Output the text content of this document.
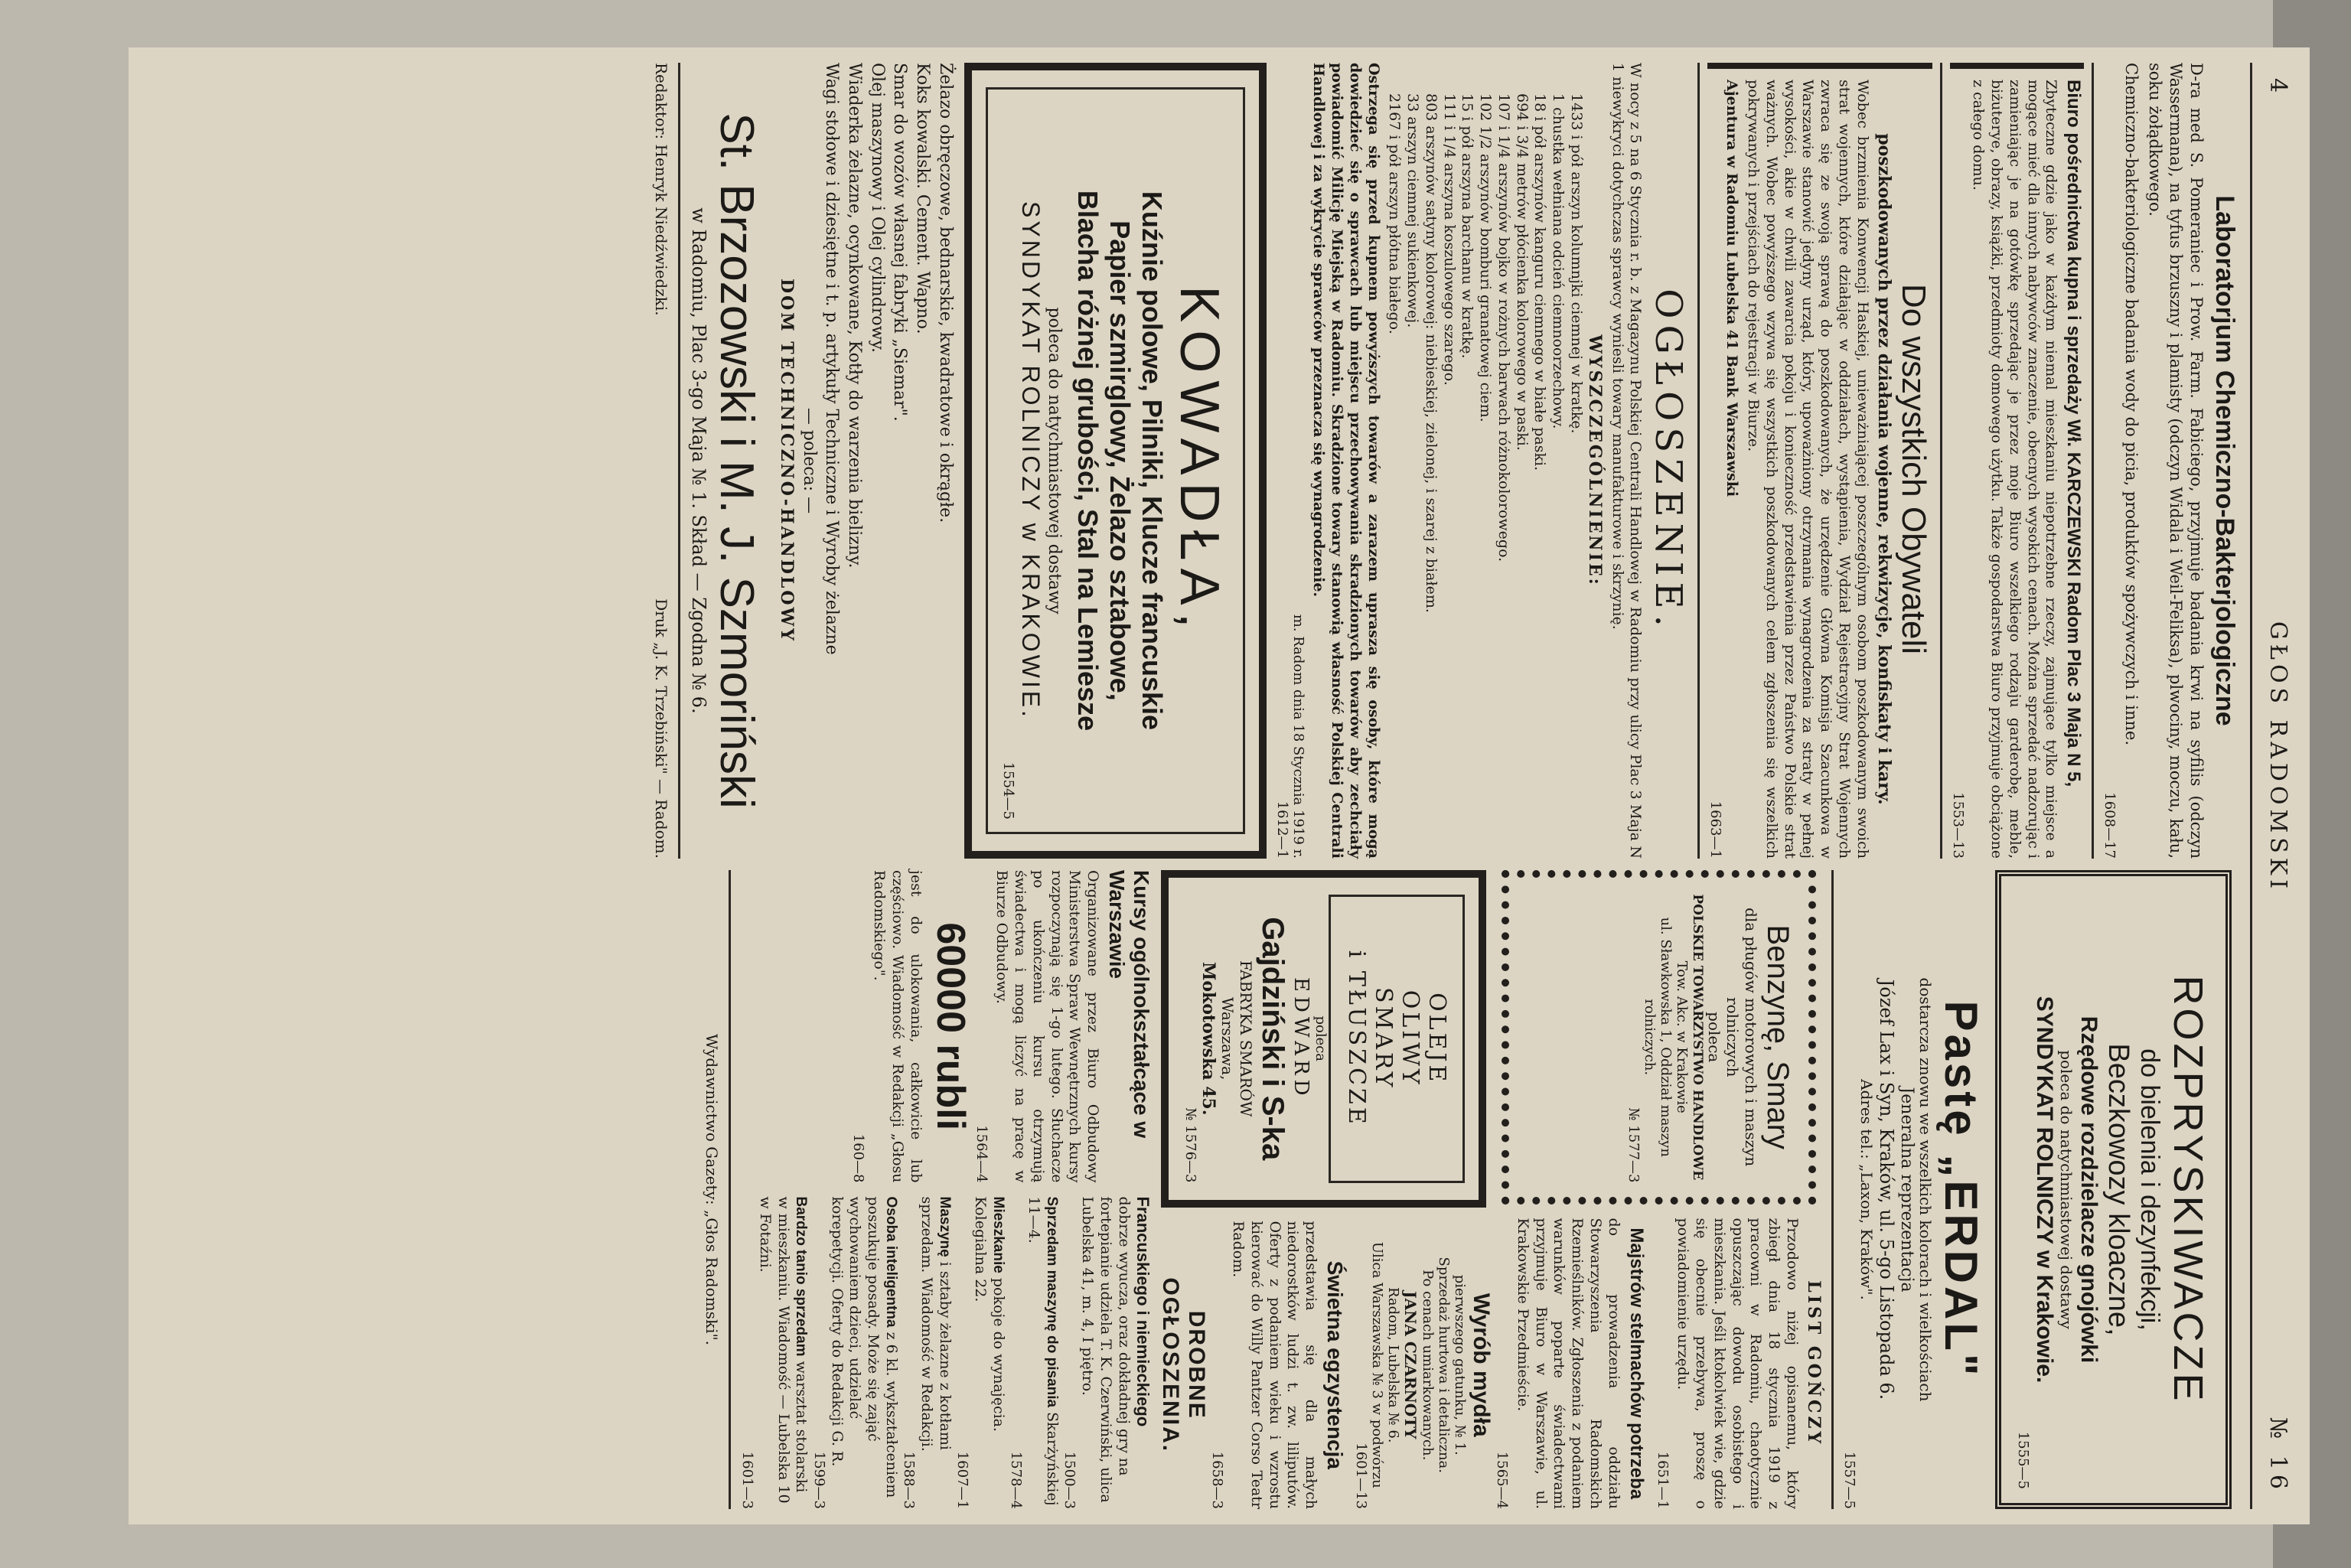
4
GŁOS RADOMSKI
№ 16
Laboratorjum Chemiczno-Bakterjologiczne
D-ra med S. Pomeraniec i Prow. Farm. Fabiciego, przyjmuje badania krwi na syfilis (odczyn Wassermana), na tyfus brzuszny i plamisty (odczyn Widala i Weil-Feliksa), plwociny, moczu, kału, soku żołądkowego.
Chemiczno-bakteriologiczne badania wody do picia, produktów spożywczych i inne.
1608—17
Biuro pośrednictwa kupna i sprzedaży Wł. KARCZEWSKI Radom Plac 3 Maja N 5,
Zbyteczne gdzie jako w każdym niemal mieszkaniu niepotrzebne rzeczy, zajmujące tylko miejsce a mogące mieć dla innych nabywców znaczenie, obecnych wysokich cenach. Można sprzedać nadzorując i zamieniając je na gotówkę sprzedając je przez moje Biuro wszelkiego rodzaju garderobę, meble, biżuterye, obrazy, książki, przedmioty domowego użytku. Także gospodarstwa Biuro przyjmuje obciążone z całego domu.
1553—13
Do wszystkich Obywateli
poszkodowanych przez działania wojenne, rekwizycje, konfiskaty i kary.
Wobec brzmienia Konwencji Haskiej, unieważniającej poszczególnym osobom poszkodowanym swoich strat wojennych, które działając w oddziałach, wystąpienia, Wydział Rejestracyjny Strat Wojennych zwraca się ze swoją sprawą do poszkodowanych, że urzędzenie Główna Komisja Szacunkowa w Warszawie stanowić jedyny urząd, który, upoważniony otrzymania wynagrodzenia za straty w pełnej wysokości, akie w chwili zawarcia pokoju i konieczność przedstawienia przez Państwo Polskie strat ważnych. Wobec powyższego wzywa się wszystkich poszkodowanych celem zgłoszenia się wszelkich pokrywanych i przejściach do rejestracji w Biurze.
Ajentura w Radomiu Lubelska 41 Bank Warszawski
1663—1
OGŁOSZENIE.
W nocy z 5 na 6 Stycznia r. b. z Magazynu Polskiej Centrali Handlowej w Radomiu przy ulicy Plac 3 Maja N 1 niewykryci dotychczas sprawcy wyniesli towary manufakturowe i skrzynię.
WYSZCZEGÓLNIENIE:
1433 i pół arszyn kolumnjki ciemnej w kratkę.
1 chustka wełniana odcień ciemnoorzechowy.
18 i pół arszynów kanguru ciemnego w białe paski.
694 i 3/4 metrów płócienka kolorowego w paski.
107 i 1/4 arszynów bojko w rożnych barwach różnokolorowego.
102 1/2 arszynów bomburi granatowej ciem.
15 i pół arszyna barchanu w kratkę.
111 i 1/4 arszyna koszulowego szarego.
803 arszynów satyny kolorowej: niebieskiej, zielonej, i szarej z białem.
33 arszyn ciemnej sukienkowej.
2167 i pół arszyn płótna białego.
Ostrzega się przed kupnem powyższych towarów a zarazem uprasza się osoby, które mogą dowiedzieć się o sprawcach lub miejscu przechowywania skradzionych towarów aby zechciały powiadomić Milicję Miejską w Radomiu. Skradzione towary stanowią własność Polskiej Centrali Handlowej i za wykrycie sprawców przeznacza się wynagrodzenie.
m. Radom dnia 18 Stycznia 1919 r.
1612—1
KOWADŁA,
Kuźnie polowe, Pilniki, Klucze francuskie
Papier szmirglowy, Żelazo sztabowe,
Blacha różnej grubości, Stal na Lemiesze
poleca do natychmiastowej dostawy
SYNDYKAT ROLNICZY w KRAKOWIE.
1554—5
Żelazo obręczowe, bednarskie, kwadratowe i okrągłe.
Koks kowalski. Cement. Wapno.
Smar do wozów własnej fabryki „Siemar".
Olej maszynowy i Olej cylindrowy.
Wiaderka żelazne, ocynkowane, Kotły do warzenia bielizny.
Wagi stołowe i dziesiętne i t. p. artykuły Techniczne i Wyroby żelazne
— poleca: —
DOM TECHNICZNO-HANDLOWY
St. Brzozowski i M. J. Szmoriński
w Radomiu, Plac 3-go Maja № 1. Skład — Zgodna № 6.
Redaktor: Henryk Niedźwiedzki.
Druk „J. K. Trzebiński" — Radom.
ROZPRYSKIWACZE
do bielenia i dezynfekcji,
Beczkowozy kloaczne,
Rzędowe rozdzielacze gnojówki
poleca do natychmiastowej dostawy
SYNDYKAT ROLNICZY w Krakowie.
1555—5
Pastę „ERDAL"
dostarcza znowu we wszelkich kolorach i wielkościach
Jeneralna reprezentacja
Józef Lax i Syn, Kraków, ul. 5-go Listopada 6.
Adres tel.: „Laxon, Kraków".
1557—5
Benzynę, Smary
dla pługów motorowych i maszyn rolniczych
poleca
POLSKIE TOWARZYSTWO HANDLOWE
Tow. Akc. w Krakowie
ul. Sławkowska 1, Oddział maszyn rolniczych.
№ 1577—3
LIST GOŃCZY
Przodowo niżej opisanemu, który zbiegł dnia 18 stycznia 1919 z pracowni w Radomiu, chaotycznie opuszczając dowodu osobistego i mieszkania. Jeśli ktokolwiek wie, gdzie się obecnie przebywa, proszę o powiadomienie urzędu.
1651—1
Majstrów stelmachów potrzeba
do prowadzenia oddziału Stowarzyszenia Radomskich Rzemieślników. Zgłoszenia z podaniem warunków poparte świadectwami przyjmuje Biuro w Warszawie, ul. Krakowskie Przedmieście.
1565—4
OLEJE
OLIWY
SMARY
i TŁUSZCZE
poleca
EDWARD
Gajdziński i S-ka
FABRYKA SMARÓW
Warszawa,
Mokotowska 45.
№ 1576—3
Wyrób mydła
pierwszego gatunku, № 1.
Sprzedaż hurtowa i detaliczna.
Po cenach umiarkowanych.
JANA CZARNOTY
Radom, Lubelska № 6.
Ulica Warszawska № 3 w podwórzu
1601—13
Świetna egzystencja
przedstawia się dla małych niedorostków ludzi t. zw. liliputów. Oferty z podaniem wieku i wzrostu kierować do Willy Pantzer Corso Teatr Radom.
1658—3
DROBNE OGŁOSZENIA.
Kursy ogólnokształcące w Warszawie
Organizowane przez Biuro Odbudowy Ministerstwa Spraw Wewnętrznych kursy rozpoczynają się 1-go lutego. Słuchacze po ukończeniu kursu otrzymują świadectwa i mogą liczyć na pracę w Biurze Odbudowy.
1564—4
60000 rubli
jest do ulokowania, całkowicie lub częściowo. Wiadomość w Redakcji „Głosu Radomskiego".
160—8
Francuskiego i niemieckiego
dobrze wyucza, oraz dokładnej gry na fortepianie udziela T. K. Czerwiński, ulica Lubelska 41, m. 4, I piętro.
1500—3
Sprzedam maszynę do pisania Skarżyńskiej 11—4.
1578—4
Mieszkanie pokoje do wynajęcia. Kolegialna 22.
1607—1
Maszynę i sztaby żelazne z kotłami sprzedam. Wiadomość w Redakcji.
1588—3
Osoba inteligentna z 6 kl. wykształceniem poszukuje posady. Może się zająć wychowaniem dzieci, udzielać korepetycji. Oferty do Redakcji G. R.
1599—3
Bardzo tanio sprzedam warsztat stolarski w mieszkaniu. Wiadomość — Lubelska 10 w Fotaźni.
1601—3
Wydawnictwo Gazety: „Głos Radomski".
